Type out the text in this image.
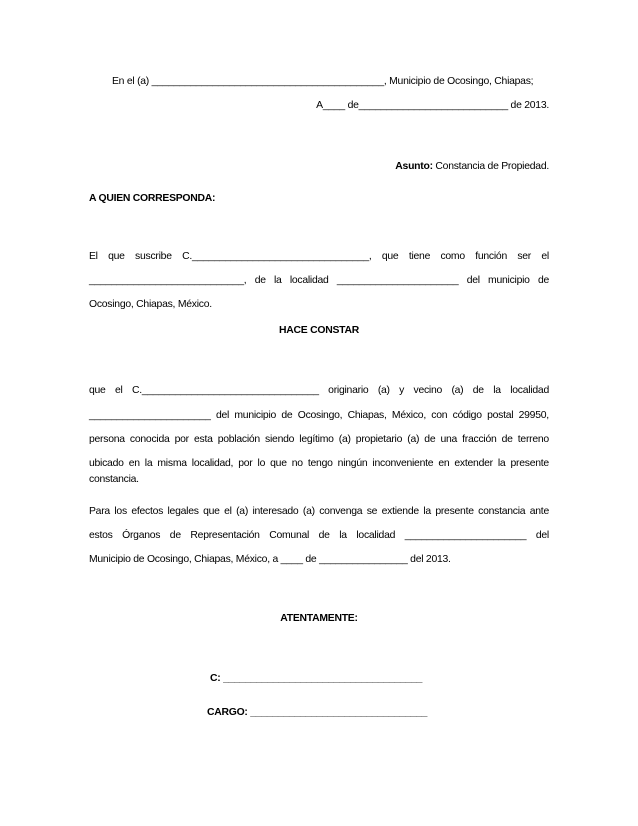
En el (a) __________________________________________, Municipio de Ocosingo, Chiapas;
A____ de___________________________ de 2013.
Asunto: Constancia de Propiedad.
A QUIEN CORRESPONDA:
El que suscribe C.________________________________, que tiene como función ser el
____________________________, de la localidad ______________________ del municipio de
Ocosingo, Chiapas, México.
HACE CONSTAR
que el C.________________________________ originario (a) y vecino (a) de la localidad
______________________ del municipio de Ocosingo, Chiapas, México, con código postal 29950,
persona conocida por esta población siendo legítimo (a) propietario (a) de una fracción de terreno
ubicado en la misma localidad, por lo que no tengo ningún inconveniente en extender la presente
constancia.
Para los efectos legales que el (a) interesado (a) convenga se extiende la presente constancia ante
estos Órganos de Representación Comunal de la localidad ______________________ del
Municipio de Ocosingo, Chiapas, México, a ____ de ________________ del 2013.
ATENTAMENTE:
C: ____________________________________
CARGO: ________________________________
